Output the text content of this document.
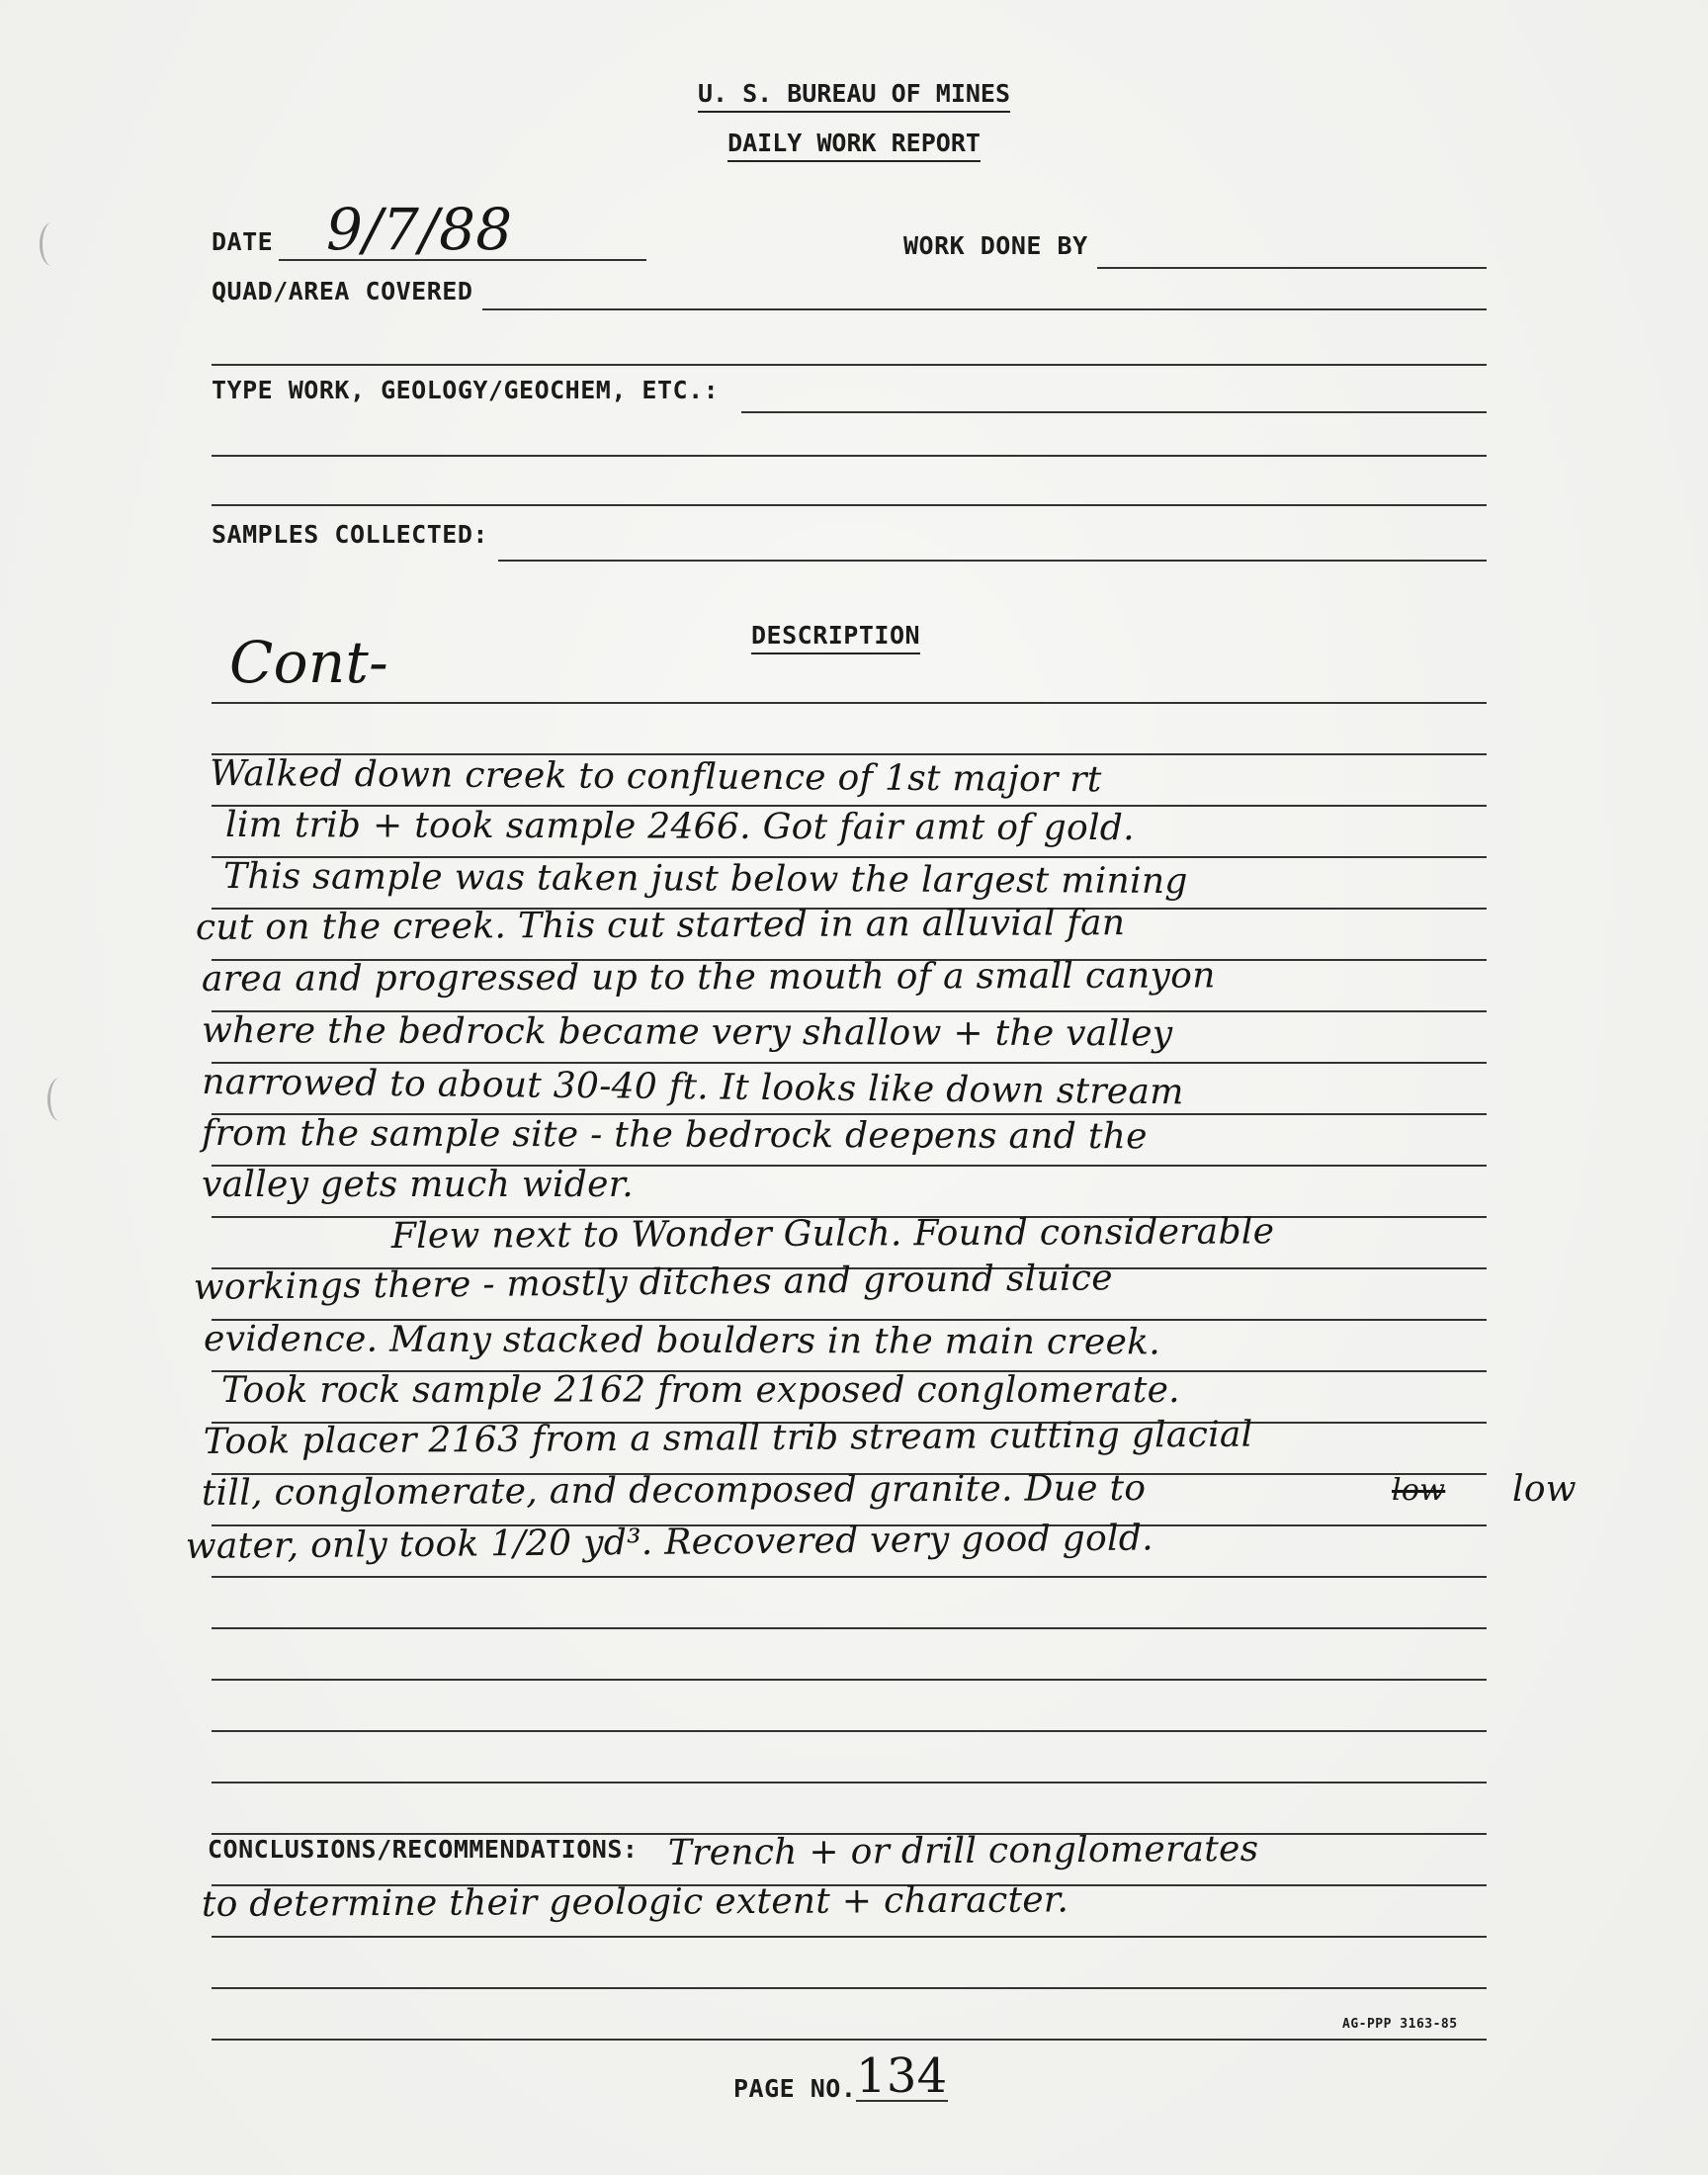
U. S. BUREAU OF MINES
DAILY WORK REPORT
DATE 9/7/88	WORK DONE BY
QUAD/AREA COVERED
TYPE WORK, GEOLOGY/GEOCHEM, ETC.:
SAMPLES COLLECTED:
DESCRIPTION
Cont-
Walked down creek to confluence of 1st major rt
lim trib + took sample 2466. Got fair amt of gold.
This sample was taken just below the largest mining
cut on the creek. This cut started in an alluvial fan
area and progressed up to the mouth of a small canyon
where the bedrock became very shallow + the valley
narrowed to about 30-40 ft. It looks like down stream
from the sample site - the bedrock deepens and the
valley gets much wider.
Flew next to Wonder Gulch. Found considerable
workings there - mostly ditches and ground sluice
evidence. Many stacked boulders in the main creek.
Took rock sample 2162 from exposed conglomerate.
Took placer 2163 from a small trib stream cutting glacial
till, conglomerate, and decomposed granite. Due to	low low
water, only took 1/20 yd³. Recovered very good gold.
CONCLUSIONS/RECOMMENDATIONS: Trench + or drill conglomerates
to determine their geologic extent + character.
AG-PPP 3163-85
PAGE NO. 134
